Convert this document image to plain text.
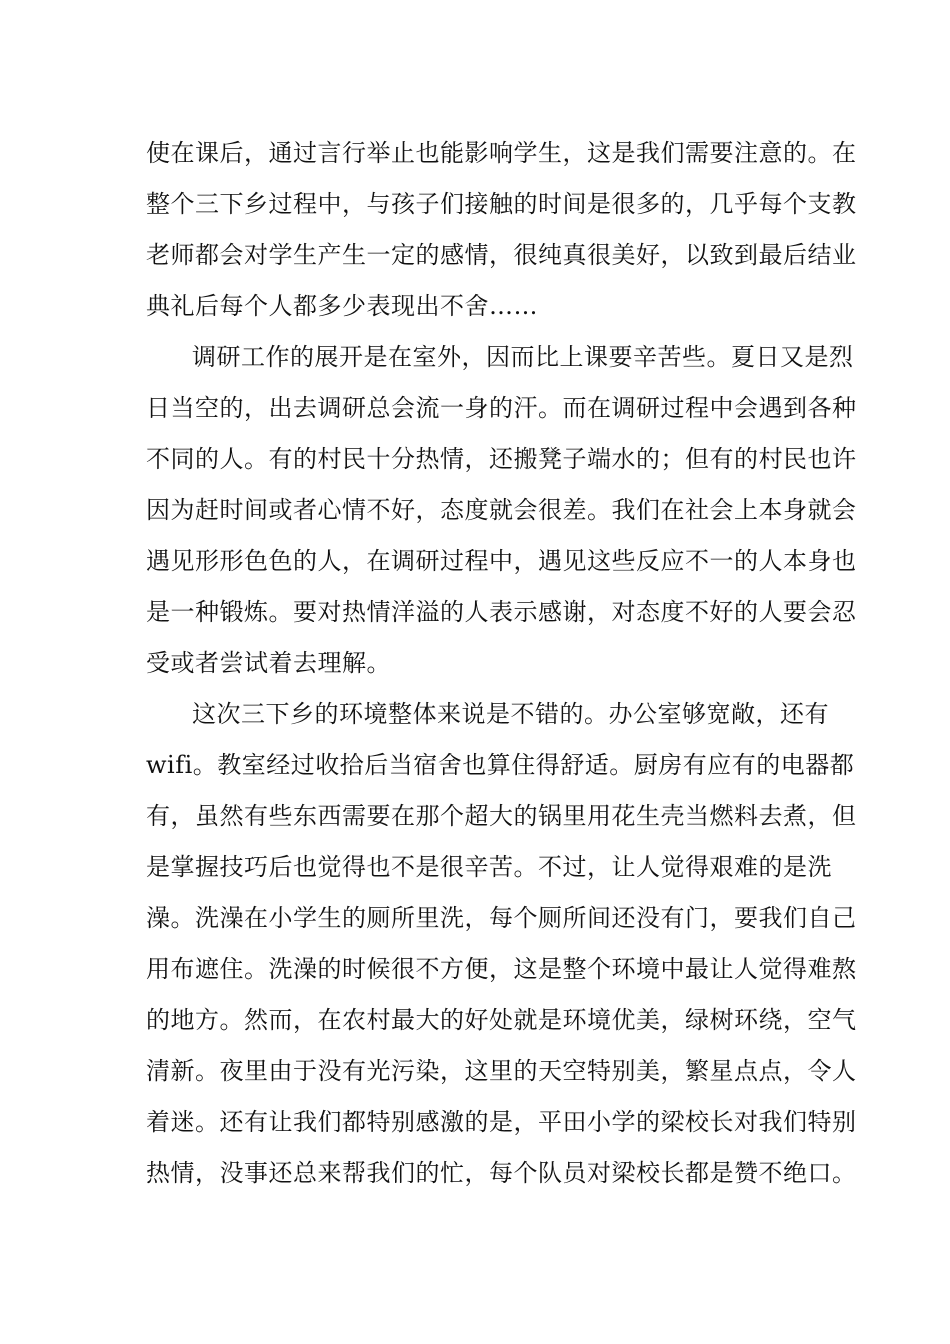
使在课后，通过言行举止也能影响学生，这是我们需要注意的。在
整个三下乡过程中，与孩子们接触的时间是很多的，几乎每个支教
老师都会对学生产生一定的感情，很纯真很美好，以致到最后结业
典礼后每个人都多少表现出不舍……
调研工作的展开是在室外，因而比上课要辛苦些。夏日又是烈
日当空的，出去调研总会流一身的汗。而在调研过程中会遇到各种
不同的人。有的村民十分热情，还搬凳子端水的；但有的村民也许
因为赶时间或者心情不好，态度就会很差。我们在社会上本身就会
遇见形形色色的人，在调研过程中，遇见这些反应不一的人本身也
是一种锻炼。要对热情洋溢的人表示感谢，对态度不好的人要会忍
受或者尝试着去理解。
这次三下乡的环境整体来说是不错的。办公室够宽敞，还有
wifi。教室经过收拾后当宿舍也算住得舒适。厨房有应有的电器都
有，虽然有些东西需要在那个超大的锅里用花生壳当燃料去煮，但
是掌握技巧后也觉得也不是很辛苦。不过，让人觉得艰难的是洗
澡。洗澡在小学生的厕所里洗，每个厕所间还没有门，要我们自己
用布遮住。洗澡的时候很不方便，这是整个环境中最让人觉得难熬
的地方。然而，在农村最大的好处就是环境优美，绿树环绕，空气
清新。夜里由于没有光污染，这里的天空特别美，繁星点点，令人
着迷。还有让我们都特别感激的是，平田小学的梁校长对我们特别
热情，没事还总来帮我们的忙，每个队员对梁校长都是赞不绝口。
